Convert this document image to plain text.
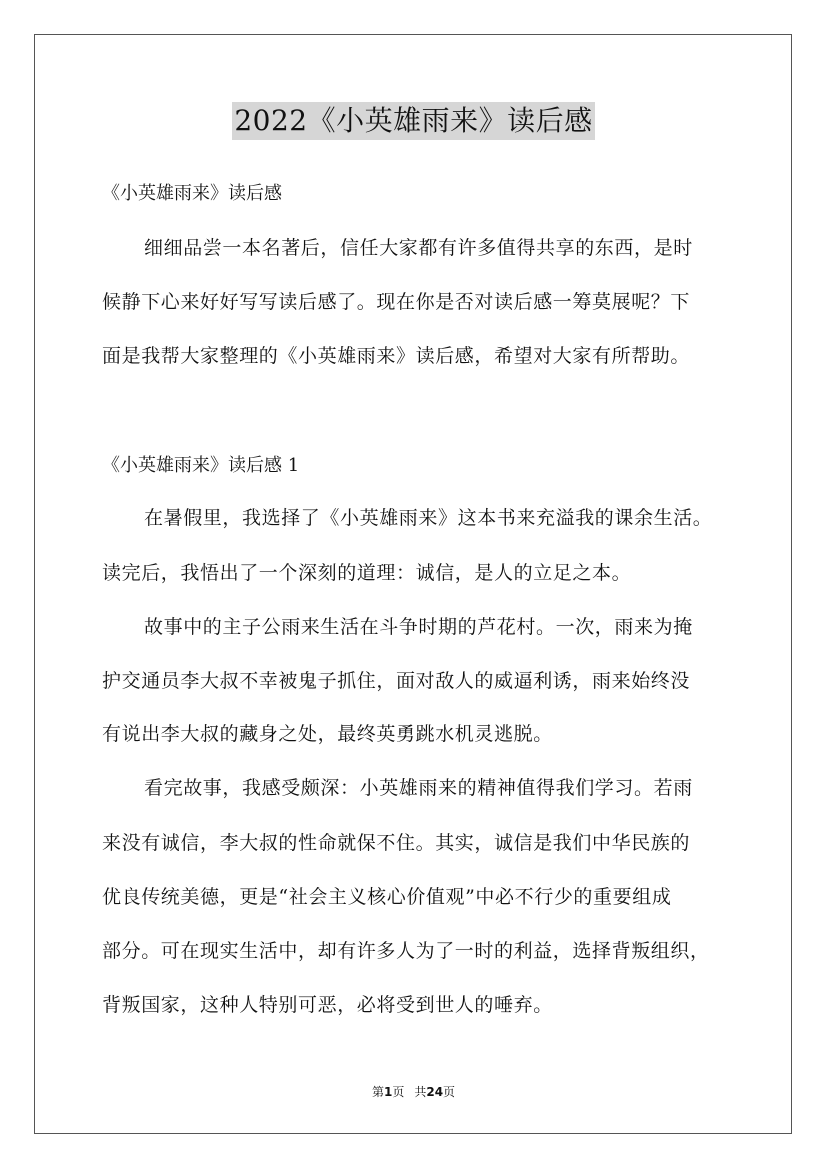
2022《小英雄雨来》读后感
《小英雄雨来》读后感
细细品尝一本名著后，信任大家都有许多值得共享的东西，是时
候静下心来好好写写读后感了。现在你是否对读后感一筹莫展呢？下
面是我帮大家整理的《小英雄雨来》读后感，希望对大家有所帮助。
《小英雄雨来》读后感 1
在暑假里，我选择了《小英雄雨来》这本书来充溢我的课余生活。
读完后，我悟出了一个深刻的道理：诚信，是人的立足之本。
故事中的主子公雨来生活在斗争时期的芦花村。一次，雨来为掩
护交通员李大叔不幸被鬼子抓住，面对敌人的威逼利诱，雨来始终没
有说出李大叔的藏身之处，最终英勇跳水机灵逃脱。
看完故事，我感受颇深：小英雄雨来的精神值得我们学习。若雨
来没有诚信，李大叔的性命就保不住。其实，诚信是我们中华民族的
优良传统美德，更是“社会主义核心价值观”中必不行少的重要组成
部分。可在现实生活中，却有许多人为了一时的利益，选择背叛组织，
背叛国家，这种人特别可恶，必将受到世人的唾弃。
第1页 共24页
